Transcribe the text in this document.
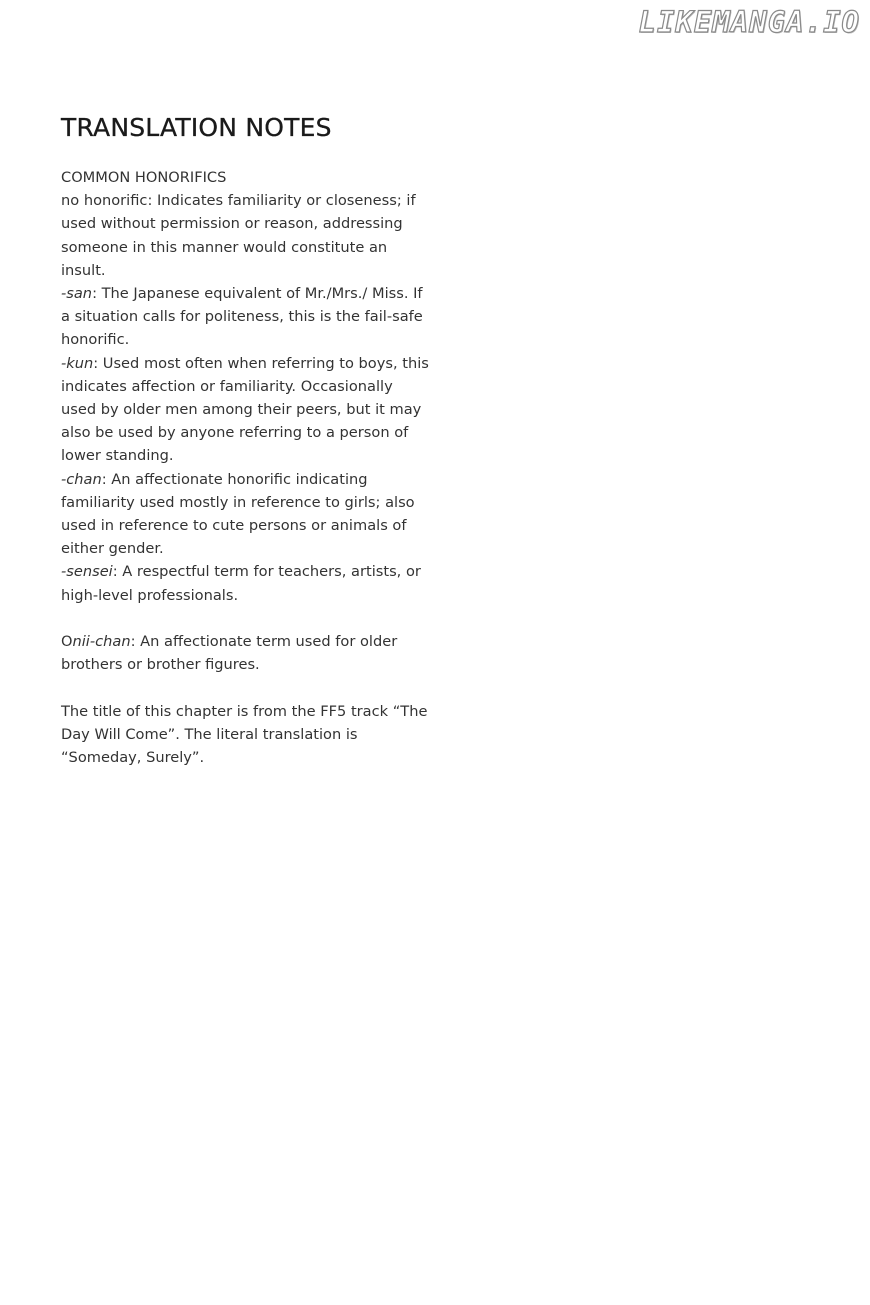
LIKEMANGA.IO
TRANSLATION NOTES

COMMON HONORIFICS

no honorific: Indicates familiarity or closeness; if used without permission or reason, addressing someone in this manner would constitute an insult.

-san: The Japanese equivalent of Mr./Mrs./ Miss. If a situation calls for politeness, this is the fail-safe honorific.

-kun: Used most often when referring to boys, this indicates affection or familiarity. Occasionally used by older men among their peers, but it may also be used by anyone referring to a person of lower standing.

-chan: An affectionate honorific indicating familiarity used mostly in reference to girls; also used in reference to cute persons or animals of either gender.

-sensei: A respectful term for teachers, artists, or high-level professionals.

Onii-chan: An affectionate term used for older brothers or brother figures.

The title of this chapter is from the FF5 track “The Day Will Come”. The literal translation is “Someday, Surely”.
